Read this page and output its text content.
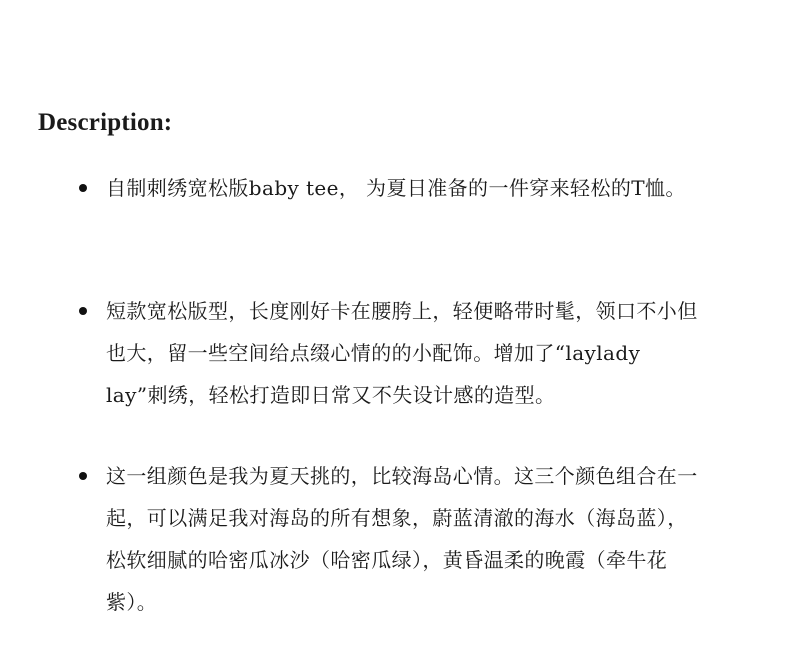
Description:
自制刺绣宽松版baby tee， 为夏日准备的一件穿来轻松的T恤。
短款宽松版型，长度刚好卡在腰胯上，轻便略带时髦，领口不小但也大，留一些空间给点缀心情的的小配饰。增加了“laylady lay”刺绣，轻松打造即日常又不失设计感的造型。
这一组颜色是我为夏天挑的，比较海岛心情。这三个颜色组合在一起，可以满足我对海岛的所有想象，蔚蓝清澈的海水（海岛蓝），松软细腻的哈密瓜冰沙（哈密瓜绿），黄昏温柔的晚霞（牵牛花紫）。
